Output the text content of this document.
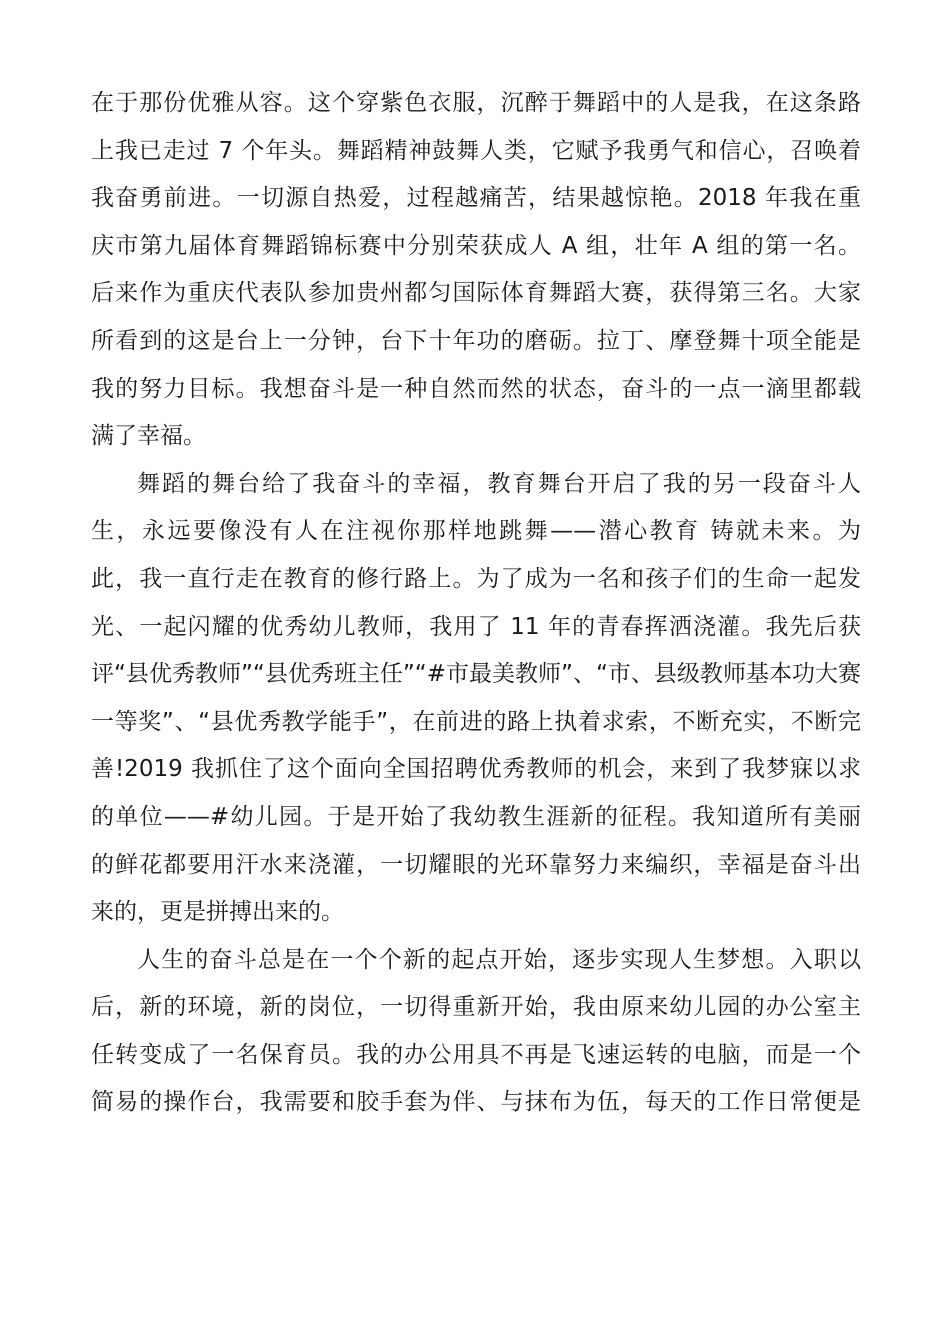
在于那份优雅从容。这个穿紫色衣服，沉醉于舞蹈中的人是我，在这条路
上我已走过 7 个年头。舞蹈精神鼓舞人类，它赋予我勇气和信心，召唤着
我奋勇前进。一切源自热爱，过程越痛苦，结果越惊艳。2018 年我在重
庆市第九届体育舞蹈锦标赛中分别荣获成人 A 组，壮年 A 组的第一名。
后来作为重庆代表队参加贵州都匀国际体育舞蹈大赛，获得第三名。大家
所看到的这是台上一分钟，台下十年功的磨砺。拉丁、摩登舞十项全能是
我的努力目标。我想奋斗是一种自然而然的状态，奋斗的一点一滴里都载
满了幸福。
舞蹈的舞台给了我奋斗的幸福，教育舞台开启了我的另一段奋斗人
生，永远要像没有人在注视你那样地跳舞——潜心教育 铸就未来。为
此，我一直行走在教育的修行路上。为了成为一名和孩子们的生命一起发
光、一起闪耀的优秀幼儿教师，我用了 11 年的青春挥洒浇灌。我先后获
评“县优秀教师”“县优秀班主任”“#市最美教师”、“市、县级教师基本功大赛
一等奖”、“县优秀教学能手”，在前进的路上执着求索，不断充实，不断完
善!2019 我抓住了这个面向全国招聘优秀教师的机会，来到了我梦寐以求
的单位——#幼儿园。于是开始了我幼教生涯新的征程。我知道所有美丽
的鲜花都要用汗水来浇灌，一切耀眼的光环靠努力来编织，幸福是奋斗出
来的，更是拼搏出来的。
人生的奋斗总是在一个个新的起点开始，逐步实现人生梦想。入职以
后，新的环境，新的岗位，一切得重新开始，我由原来幼儿园的办公室主
任转变成了一名保育员。我的办公用具不再是飞速运转的电脑，而是一个
简易的操作台，我需要和胶手套为伴、与抹布为伍，每天的工作日常便是
